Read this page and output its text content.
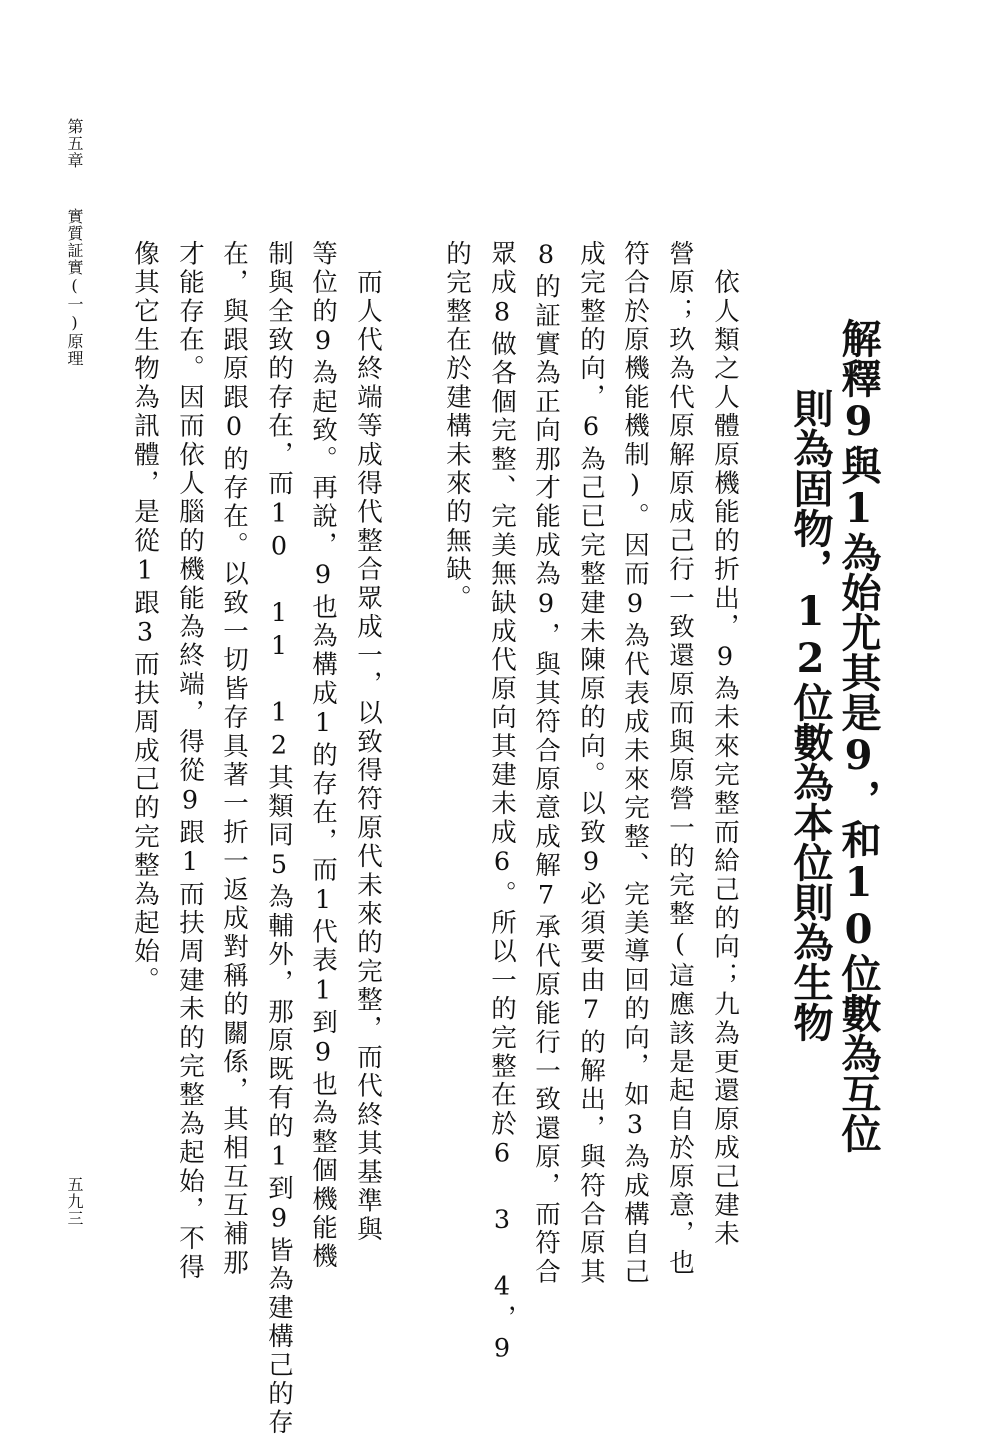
解釋9與1為始尤其是9，和10位數為互位
則為固物，12位數為本位則為生物
　依人類之人體原機能的折出，9為未來完整而給己的向；九為更還原成己建未
營原；玖為代原解原成己行一致還原而與原營一的完整(這應該是起自於原意，也
符合於原機能機制)。因而9為代表成未來完整、完美導回的向，如3為成構自己
成完整的向，6為己已完整建未陳原的向。以致9必須要由7的解出，與符合原其
8的証實為正向那才能成為9，與其符合原意成解7承代原能行一致還原，而符合
眾成8做各個完整、完美無缺成代原向其建未成6。所以一的完整在於6 3 4，9
的完整在於建構未來的無缺。
　而人代終端等成得代整合眾成一，以致得符原代未來的完整，而代終其基準與
等位的9為起致。再說，9也為構成1的存在，而1代表1到9也為整個機能機
制與全致的存在，而10 11 12其類同5為輔外，那原既有的1到9皆為建構己的存
在，與跟原跟0的存在。以致一切皆存具著一折一返成對稱的關係，其相互互補那
才能存在。因而依人腦的機能為終端，得從9跟1而扶周建未的完整為起始，不得
像其它生物為訊體，是從1跟3而扶周成己的完整為起始。
第五章
實質証實(一)原理
五九三
